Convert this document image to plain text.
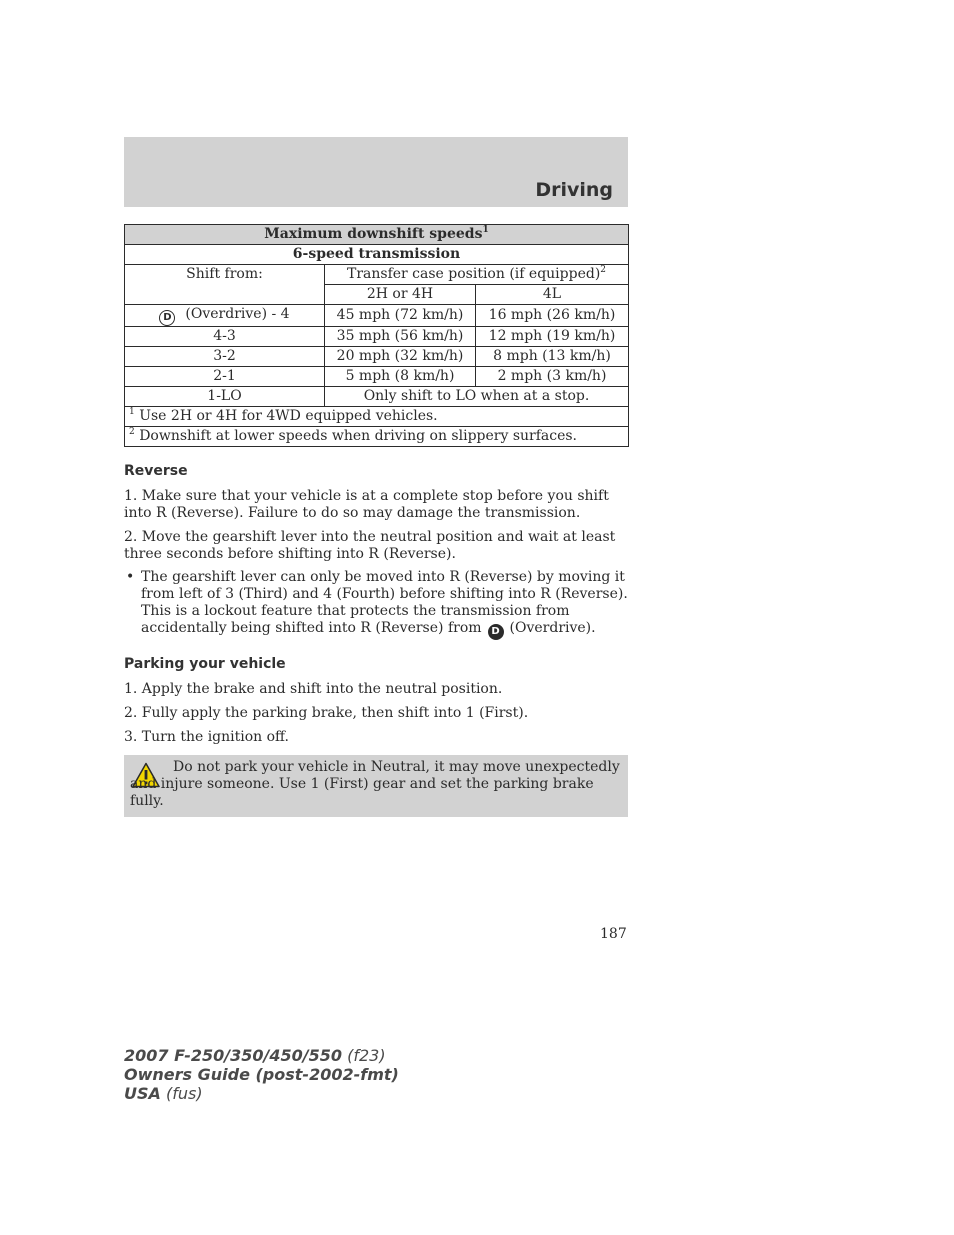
Driving
Maximum downshift speeds$^1$
6-speed transmission		
Shift from:	Transfer case position (if equipped)$^2$
	2H or 4H	4L
D (Overdrive) - 4	45 mph (72 km/h)	16 mph (26 km/h)
4-3	35 mph (56 km/h)	12 mph (19 km/h)
3-2	20 mph (32 km/h)	8 mph (13 km/h)
2-1	5 mph (8 km/h)	2 mph (3 km/h)
1-LO	Only shift to LO when at a stop.	
$^1$ Use 2H or 4H for 4WD equipped vehicles.		
$^2$ Downshift at lower speeds when driving on slippery surfaces.		
Reverse

1. Make sure that your vehicle is at a complete stop before you shift into R (Reverse). Failure to do so may damage the transmission.

2. Move the gearshift lever into the neutral position and wait at least three seconds before shifting into R (Reverse).

• The gearshift lever can only be moved into R (Reverse) by moving it from left of 3 (Third) and 4 (Fourth) before shifting into R (Reverse). This is a lockout feature that protects the transmission from accidentally being shifted into R (Reverse) from D (Overdrive).
Parking your vehicle

1. Apply the brake and shift into the neutral position.

2. Fully apply the parking brake, then shift into 1 (First).

3. Turn the ignition off.

Do not park your vehicle in Neutral, it may move unexpectedly and injure someone. Use 1 (First) gear and set the parking brake fully.

187
2007 F-250/350/450/550 (f23)
Owners Guide (post-2002-fmt)
USA (fus)
